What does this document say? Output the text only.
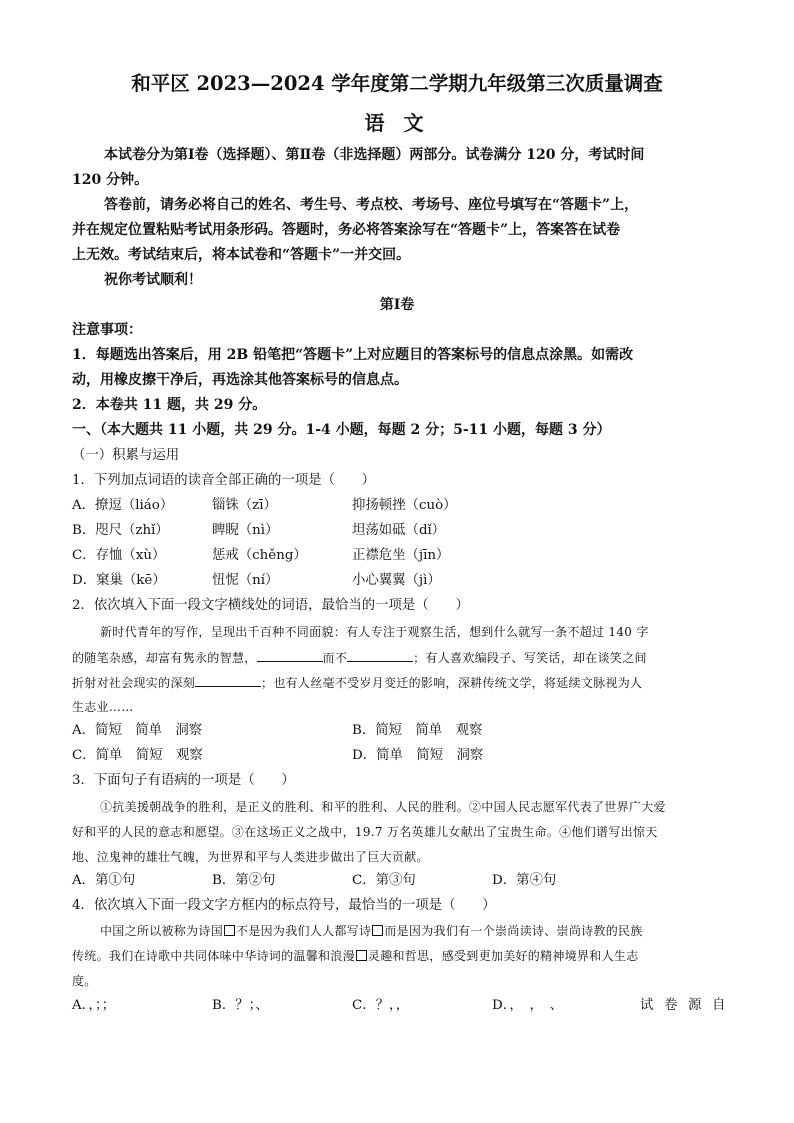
和平区 2023—2024 学年度第二学期九年级第三次质量调查
语 文
本试卷分为第Ⅰ卷（选择题）、第Ⅱ卷（非选择题）两部分。试卷满分 120 分，考试时间
120 分钟。
答卷前，请务必将自己的姓名、考生号、考点校、考场号、座位号填写在“答题卡”上，
并在规定位置粘贴考试用条形码。答题时，务必将答案涂写在“答题卡”上，答案答在试卷
上无效。考试结束后，将本试卷和“答题卡”一并交回。
祝你考试顺利！
第Ⅰ卷
注意事项：
1．每题选出答案后，用 2B 铅笔把“答题卡”上对应题目的答案标号的信息点涂黑。如需改
动，用橡皮擦干净后，再选涂其他答案标号的信息点。
2．本卷共 11 题，共 29 分。
一、（本大题共 11 小题，共 29 分。1-4 小题，每题 2 分；5-11 小题，每题 3 分）
（一）积累与运用
1．下列加点词语的读音全部正确的一项是（　　）
A．撩逗（liáo）	锱铢（zī）	抑扬顿挫（cuò）
B．咫尺（zhǐ）	睥睨（nì）	坦荡如砥（dǐ）
C．存恤（xù）	惩戒（chěng）	正襟危坐（jīn）
D．窠巢（kē）	忸怩（ní）	小心翼翼（jì）
2．依次填入下面一段文字横线处的词语，最恰当的一项是（　　）
新时代青年的写作，呈现出千百种不同面貌：有人专注于观察生活，想到什么就写一条不超过 140 字
的随笔杂感，却富有隽永的智慧，	而不	；有人喜欢编段子、写笑话，却在谈笑之间
折射对社会现实的深刻	；也有人丝毫不受岁月变迁的影响，深耕传统文学，将延续文脉视为人
生志业……
A．简短　简单　洞察	B．简短　简单　观察
C．简单　简短　观察	D．简单　简短　洞察
3．下面句子有语病的一项是（　　）
①抗美援朝战争的胜利，是正义的胜利、和平的胜利、人民的胜利。②中国人民志愿军代表了世界广大爱
好和平的人民的意志和愿望。③在这场正义之战中，19.7 万名英雄儿女献出了宝贵生命。④他们谱写出惊天
地、泣鬼神的雄壮气魄，为世界和平与人类进步做出了巨大贡献。
A．第①句	B．第②句	C．第③句	D．第④句
4．依次填入下面一段文字方框内的标点符号，最恰当的一项是（　　）
中国之所以被称为诗国 不是因为我们人人都写诗 而是因为我们有一个崇尚读诗、崇尚诗教的民族
传统。我们在诗歌中共同体味中华诗词的温馨和浪漫 灵趣和哲思，感受到更加美好的精神境界和人生志
度。
A．，；；	B．？；、	C．？，，	D．，　，　、	试 卷 源 自
